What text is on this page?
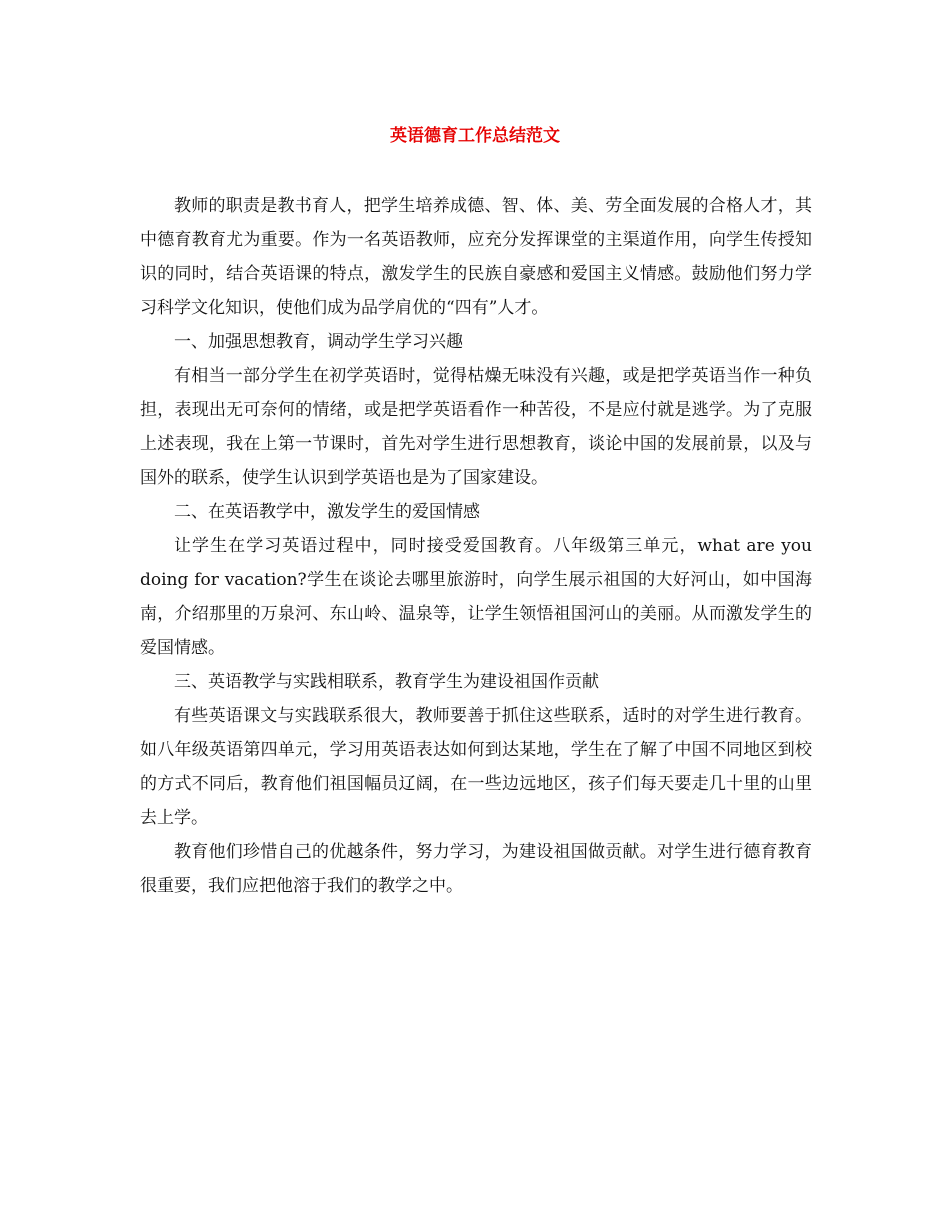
英语德育工作总结范文

教师的职责是教书育人，把学生培养成德、智、体、美、劳全面发展的合格人才，其中德育教育尤为重要。作为一名英语教师，应充分发挥课堂的主渠道作用，向学生传授知识的同时，结合英语课的特点，激发学生的民族自豪感和爱国主义情感。鼓励他们努力学习科学文化知识，使他们成为品学肩优的“四有”人才。

一、加强思想教育，调动学生学习兴趣

有相当一部分学生在初学英语时，觉得枯燥无味没有兴趣，或是把学英语当作一种负担，表现出无可奈何的情绪，或是把学英语看作一种苦役，不是应付就是逃学。为了克服上述表现，我在上第一节课时，首先对学生进行思想教育，谈论中国的发展前景，以及与国外的联系，使学生认识到学英语也是为了国家建设。

二、在英语教学中，激发学生的爱国情感

让学生在学习英语过程中，同时接受爱国教育。八年级第三单元，what are you doing for vacation?学生在谈论去哪里旅游时，向学生展示祖国的大好河山，如中国海南，介绍那里的万泉河、东山岭、温泉等，让学生领悟祖国河山的美丽。从而激发学生的爱国情感。

三、英语教学与实践相联系，教育学生为建设祖国作贡献

有些英语课文与实践联系很大，教师要善于抓住这些联系，适时的对学生进行教育。如八年级英语第四单元，学习用英语表达如何到达某地，学生在了解了中国不同地区到校的方式不同后，教育他们祖国幅员辽阔，在一些边远地区，孩子们每天要走几十里的山里去上学。

教育他们珍惜自己的优越条件，努力学习，为建设祖国做贡献。对学生进行德育教育很重要，我们应把他溶于我们的教学之中。
